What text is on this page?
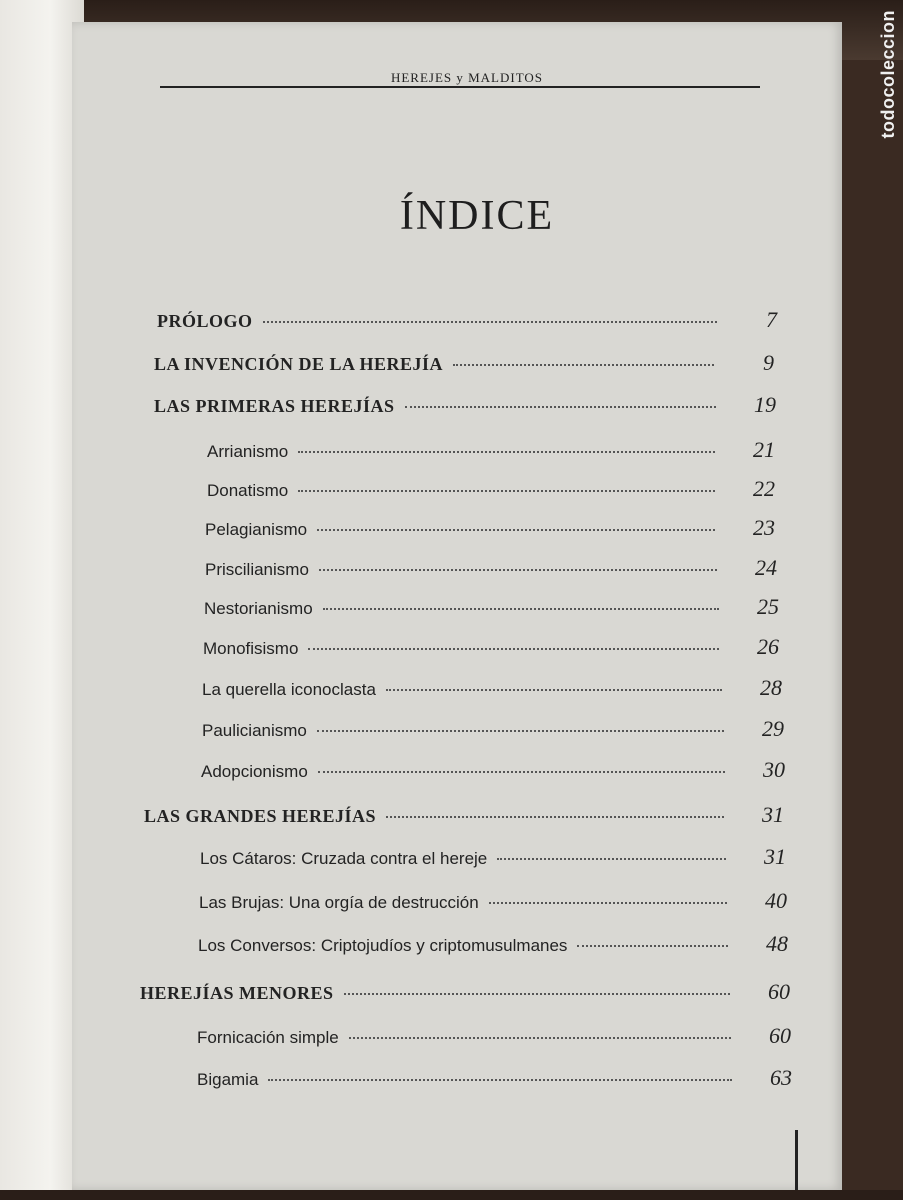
HEREJES y MALDITOS
ÍNDICE
PRÓLOGO	7
LA INVENCIÓN DE LA HEREJÍA	9
LAS PRIMERAS HEREJÍAS	19
Arrianismo	21
Donatismo	22
Pelagianismo	23
Priscilianismo	24
Nestorianismo	25
Monofisismo	26
La querella iconoclasta	28
Paulicianismo	29
Adopcionismo	30
LAS GRANDES HEREJÍAS	31
Los Cátaros: Cruzada contra el hereje	31
Las Brujas: Una orgía de destrucción	40
Los Conversos: Criptojudíos y criptomusulmanes	48
HEREJÍAS MENORES	60
Fornicación simple	60
Bigamia	63
todocoleccion
